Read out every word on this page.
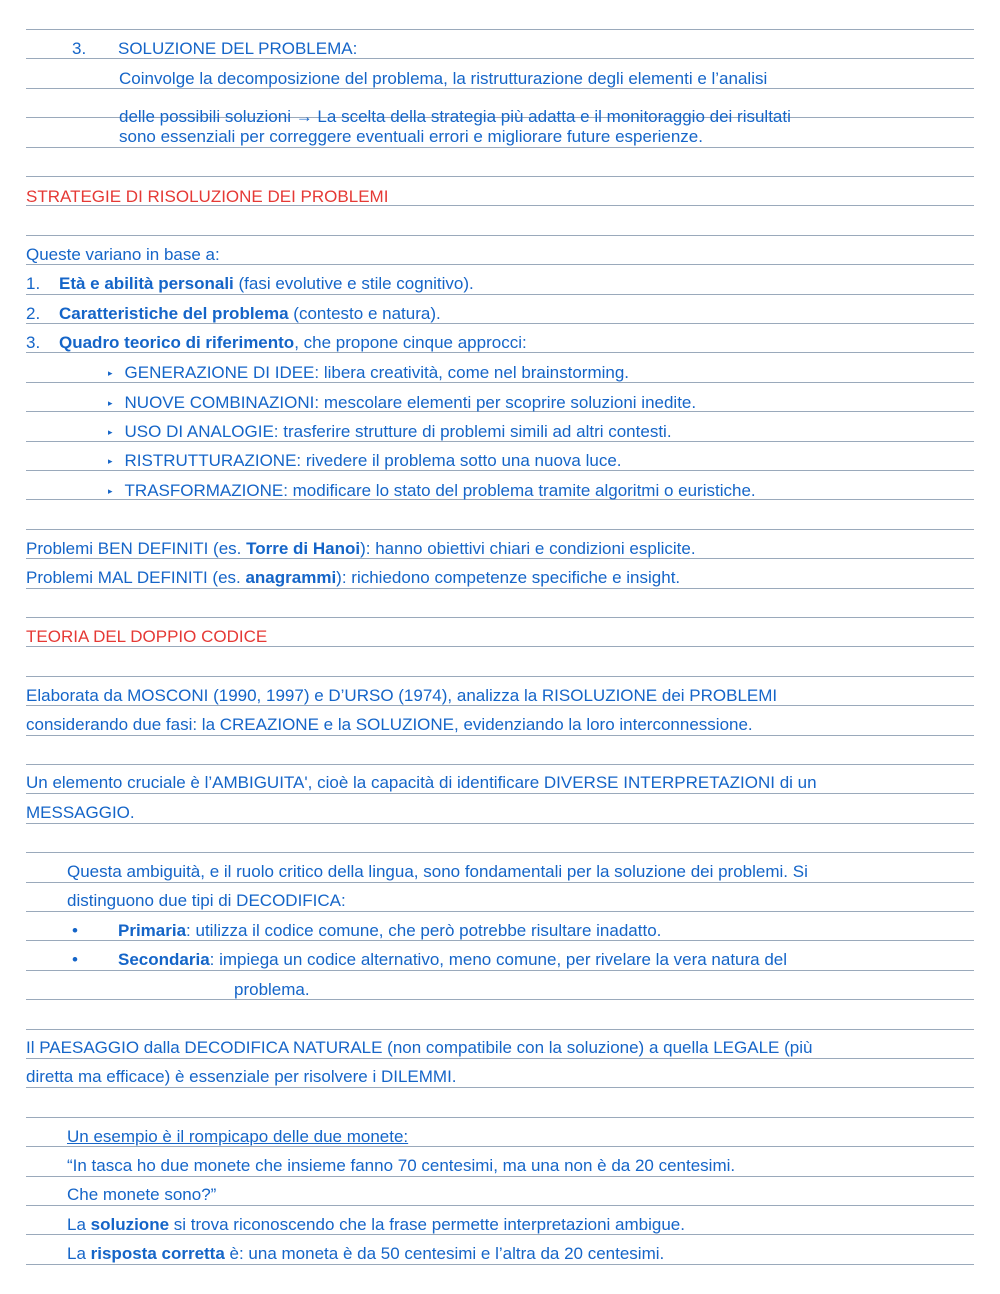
3. SOLUZIONE DEL PROBLEMA:
Coinvolge la decomposizione del problema, la ristrutturazione degli elementi e l’analisi
delle possibili soluzioni → La scelta della strategia più adatta e il monitoraggio dei risultati
sono essenziali per correggere eventuali errori e migliorare future esperienze.
STRATEGIE DI RISOLUZIONE DEI PROBLEMI
Queste variano in base a:
1. Età e abilità personali (fasi evolutive e stile cognitivo).
2. Caratteristiche del problema (contesto e natura).
3. Quadro teorico di riferimento, che propone cinque approcci:
▸ GENERAZIONE DI IDEE: libera creatività, come nel brainstorming.
▸ NUOVE COMBINAZIONI: mescolare elementi per scoprire soluzioni inedite.
▸ USO DI ANALOGIE: trasferire strutture di problemi simili ad altri contesti.
▸ RISTRUTTURAZIONE: rivedere il problema sotto una nuova luce.
▸ TRASFORMAZIONE: modificare lo stato del problema tramite algoritmi o euristiche.
Problemi BEN DEFINITI (es. Torre di Hanoi): hanno obiettivi chiari e condizioni esplicite.
Problemi MAL DEFINITI (es. anagrammi): richiedono competenze specifiche e insight.
TEORIA DEL DOPPIO CODICE
Elaborata da MOSCONI (1990, 1997) e D’URSO (1974), analizza la RISOLUZIONE dei PROBLEMI
considerando due fasi: la CREAZIONE e la SOLUZIONE, evidenziando la loro interconnessione.
Un elemento cruciale è l’AMBIGUITA', cioè la capacità di identificare DIVERSE INTERPRETAZIONI di un
MESSAGGIO.
Questa ambiguità, e il ruolo critico della lingua, sono fondamentali per la soluzione dei problemi. Si
distinguono due tipi di DECODIFICA:
• Primaria: utilizza il codice comune, che però potrebbe risultare inadatto.
• Secondaria: impiega un codice alternativo, meno comune, per rivelare la vera natura del
problema.
Il PAESAGGIO dalla DECODIFICA NATURALE (non compatibile con la soluzione) a quella LEGALE (più
diretta ma efficace) è essenziale per risolvere i DILEMMI.
Un esempio è il rompicapo delle due monete:
“In tasca ho due monete che insieme fanno 70 centesimi, ma una non è da 20 centesimi.
Che monete sono?”
La soluzione si trova riconoscendo che la frase permette interpretazioni ambigue.
La risposta corretta è: una moneta è da 50 centesimi e l’altra da 20 centesimi.
